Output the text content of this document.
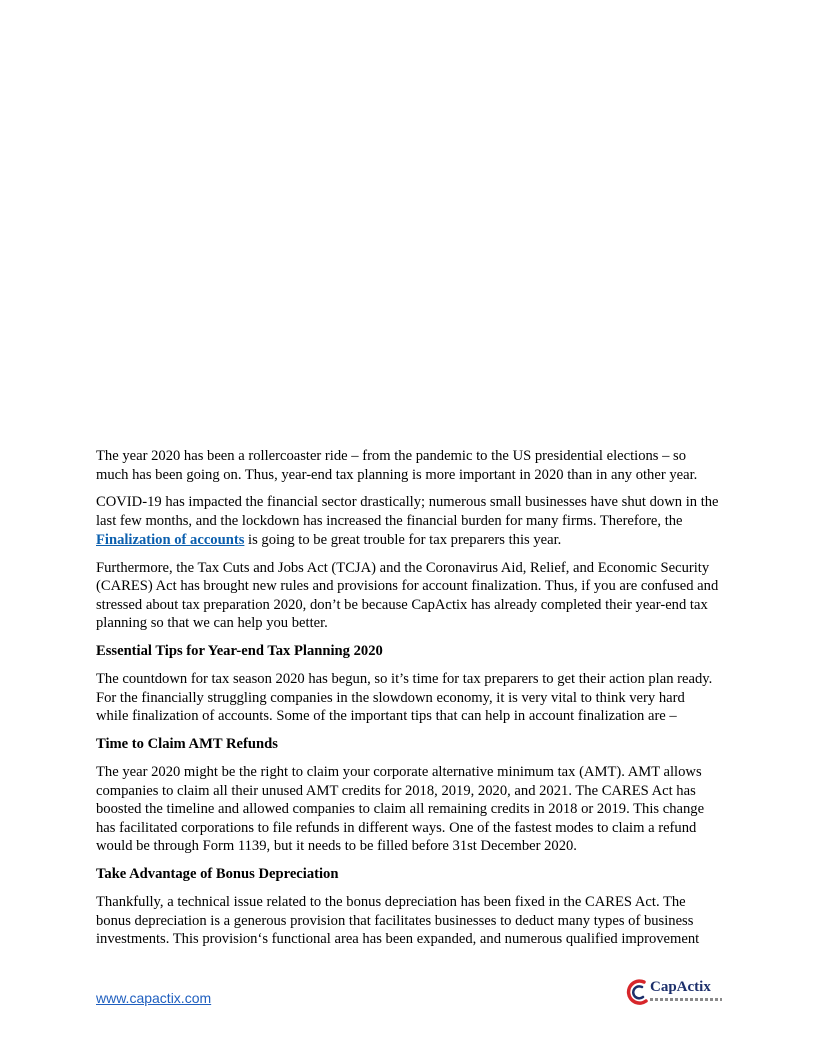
The year 2020 has been a rollercoaster ride – from the pandemic to the US presidential elections – so much has been going on. Thus, year-end tax planning is more important in 2020 than in any other year.

COVID-19 has impacted the financial sector drastically; numerous small businesses have shut down in the last few months, and the lockdown has increased the financial burden for many firms. Therefore, the Finalization of accounts is going to be great trouble for tax preparers this year.

Furthermore, the Tax Cuts and Jobs Act (TCJA) and the Coronavirus Aid, Relief, and Economic Security (CARES) Act has brought new rules and provisions for account finalization. Thus, if you are confused and stressed about tax preparation 2020, don’t be because CapActix has already completed their year-end tax planning so that we can help you better.

Essential Tips for Year-end Tax Planning 2020

The countdown for tax season 2020 has begun, so it’s time for tax preparers to get their action plan ready. For the financially struggling companies in the slowdown economy, it is very vital to think very hard while finalization of accounts. Some of the important tips that can help in account finalization are –

Time to Claim AMT Refunds

The year 2020 might be the right to claim your corporate alternative minimum tax (AMT). AMT allows companies to claim all their unused AMT credits for 2018, 2019, 2020, and 2021. The CARES Act has boosted the timeline and allowed companies to claim all remaining credits in 2018 or 2019. This change has facilitated corporations to file refunds in different ways. One of the fastest modes to claim a refund would be through Form 1139, but it needs to be filled before 31st December 2020.

Take Advantage of Bonus Depreciation

Thankfully, a technical issue related to the bonus depreciation has been fixed in the CARES Act. The bonus depreciation is a generous provision that facilitates businesses to deduct many types of business investments. This provision‘s functional area has been expanded, and numerous qualified improvement

www.capactix.com
CapActix
